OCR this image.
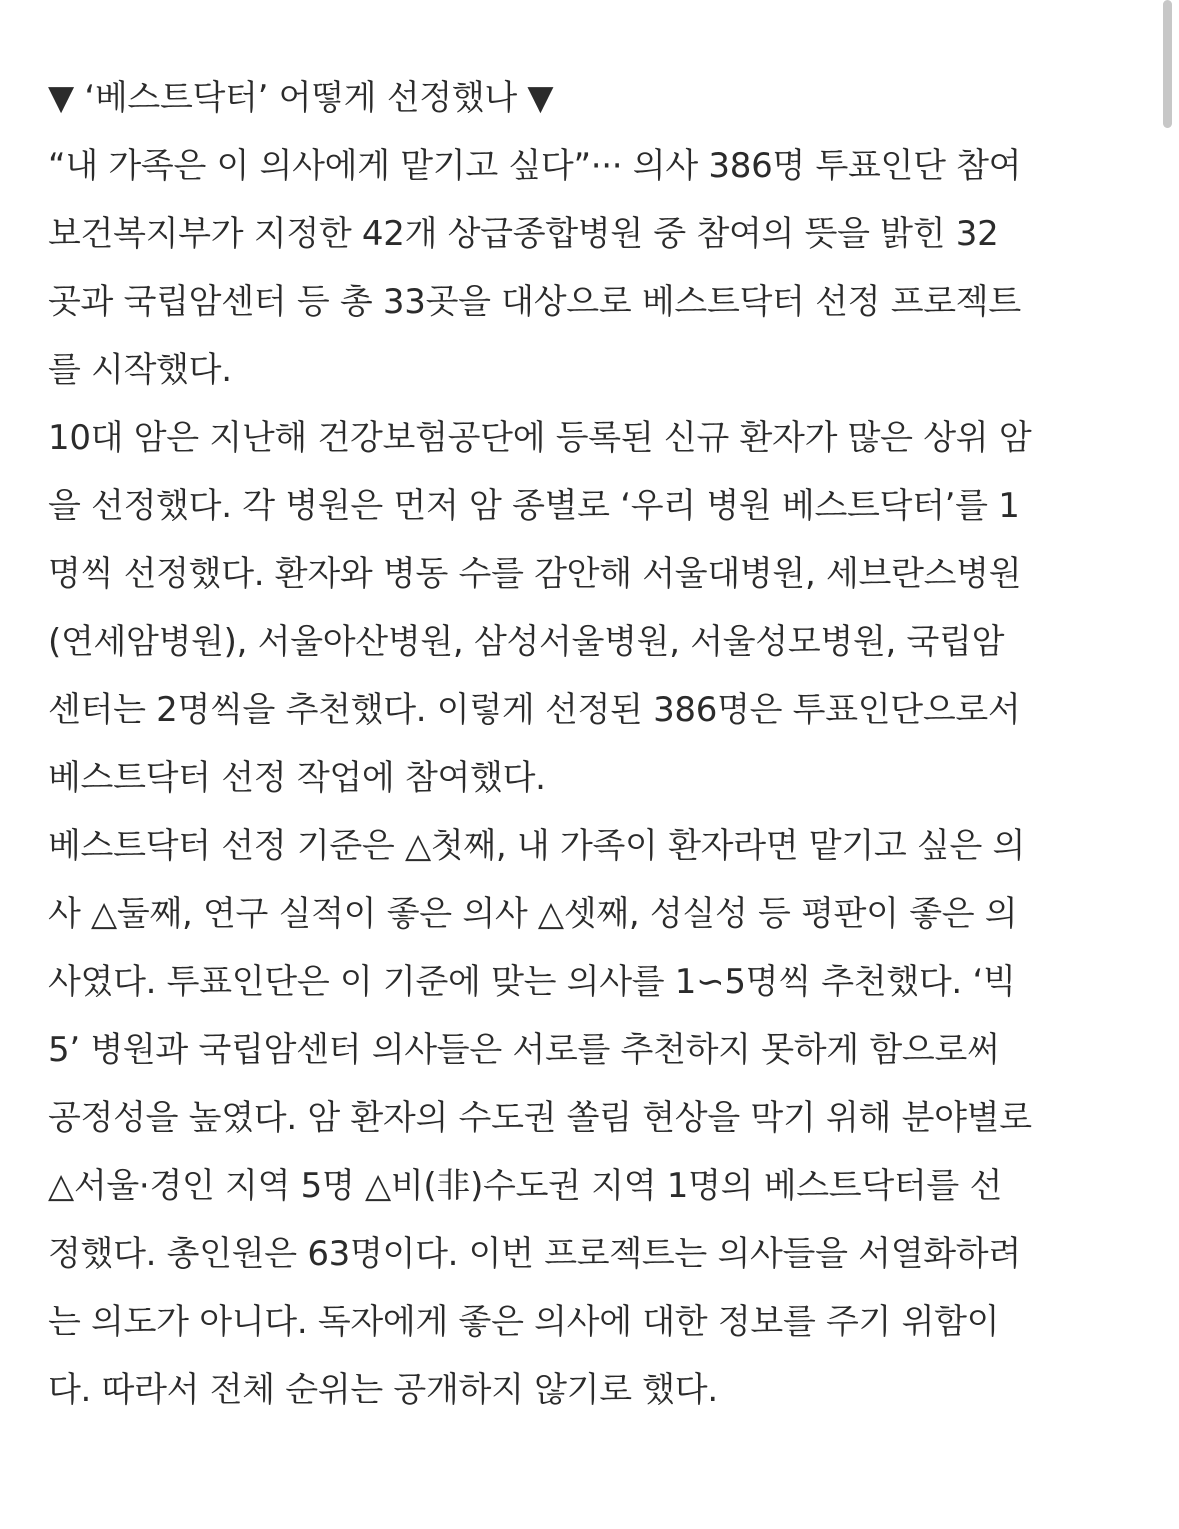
▼ ‘베스트닥터’ 어떻게 선정했나 ▼
“내 가족은 이 의사에게 맡기고 싶다”··· 의사 386명 투표인단 참여
보건복지부가 지정한 42개 상급종합병원 중 참여의 뜻을 밝힌 32
곳과 국립암센터 등 총 33곳을 대상으로 베스트닥터 선정 프로젝트
를 시작했다.
10대 암은 지난해 건강보험공단에 등록된 신규 환자가 많은 상위 암
을 선정했다. 각 병원은 먼저 암 종별로 ‘우리 병원 베스트닥터’를 1
명씩 선정했다. 환자와 병동 수를 감안해 서울대병원, 세브란스병원
(연세암병원), 서울아산병원, 삼성서울병원, 서울성모병원, 국립암
센터는 2명씩을 추천했다. 이렇게 선정된 386명은 투표인단으로서
베스트닥터 선정 작업에 참여했다.
베스트닥터 선정 기준은 △첫째, 내 가족이 환자라면 맡기고 싶은 의
사 △둘째, 연구 실적이 좋은 의사 △셋째, 성실성 등 평판이 좋은 의
사였다. 투표인단은 이 기준에 맞는 의사를 1∽5명씩 추천했다. ‘빅
5’ 병원과 국립암센터 의사들은 서로를 추천하지 못하게 함으로써
공정성을 높였다. 암 환자의 수도권 쏠림 현상을 막기 위해 분야별로
△서울·경인 지역 5명 △비(非)수도권 지역 1명의 베스트닥터를 선
정했다. 총인원은 63명이다. 이번 프로젝트는 의사들을 서열화하려
는 의도가 아니다. 독자에게 좋은 의사에 대한 정보를 주기 위함이
다. 따라서 전체 순위는 공개하지 않기로 했다.
